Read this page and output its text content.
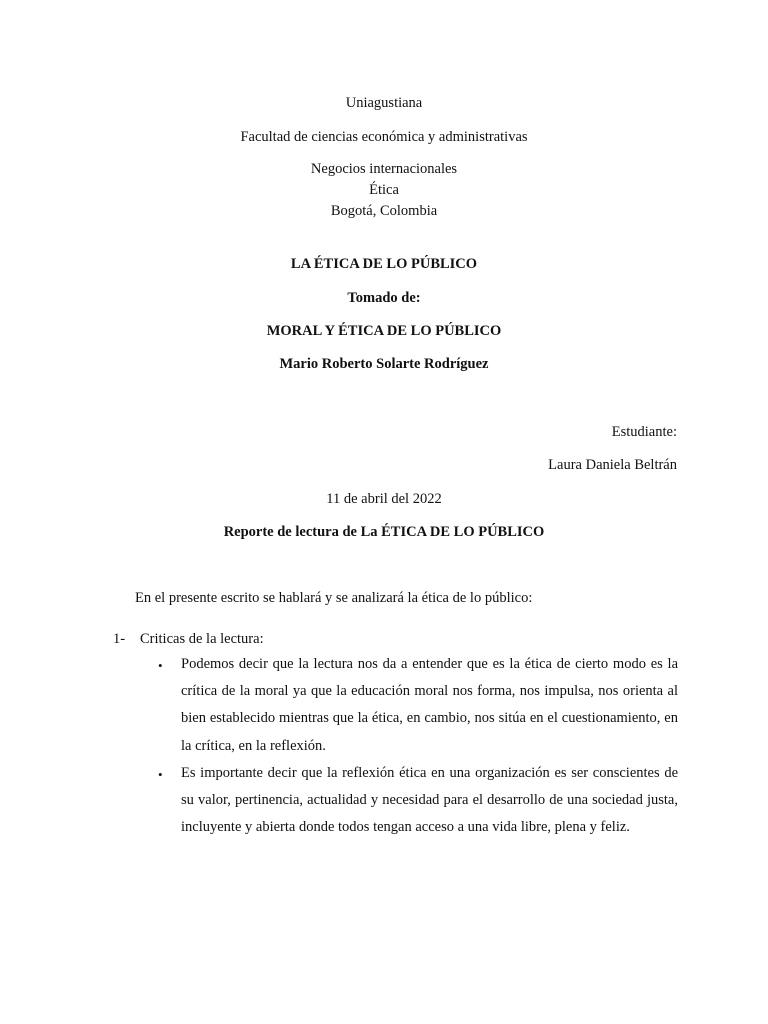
Uniagustiana
Facultad de ciencias económica y administrativas
Negocios internacionales
Ética
Bogotá, Colombia
LA ÉTICA DE LO PÚBLICO
Tomado de:
MORAL Y ÉTICA DE LO PÚBLICO
Mario Roberto Solarte Rodríguez
Estudiante:
Laura Daniela Beltrán
11 de abril del 2022
Reporte de lectura de La ÉTICA DE LO PÚBLICO
En el presente escrito se hablará y se analizará la ética de lo público:
1- Criticas de la lectura:
• Podemos decir que la lectura nos da a entender que es la ética de cierto modo es la crítica de la moral ya que la educación moral nos forma, nos impulsa, nos orienta al bien establecido mientras que la ética, en cambio, nos sitúa en el cuestionamiento, en la crítica, en la reflexión.
• Es importante decir que la reflexión ética en una organización es ser conscientes de su valor, pertinencia, actualidad y necesidad para el desarrollo de una sociedad justa, incluyente y abierta donde todos tengan acceso a una vida libre, plena y feliz.
